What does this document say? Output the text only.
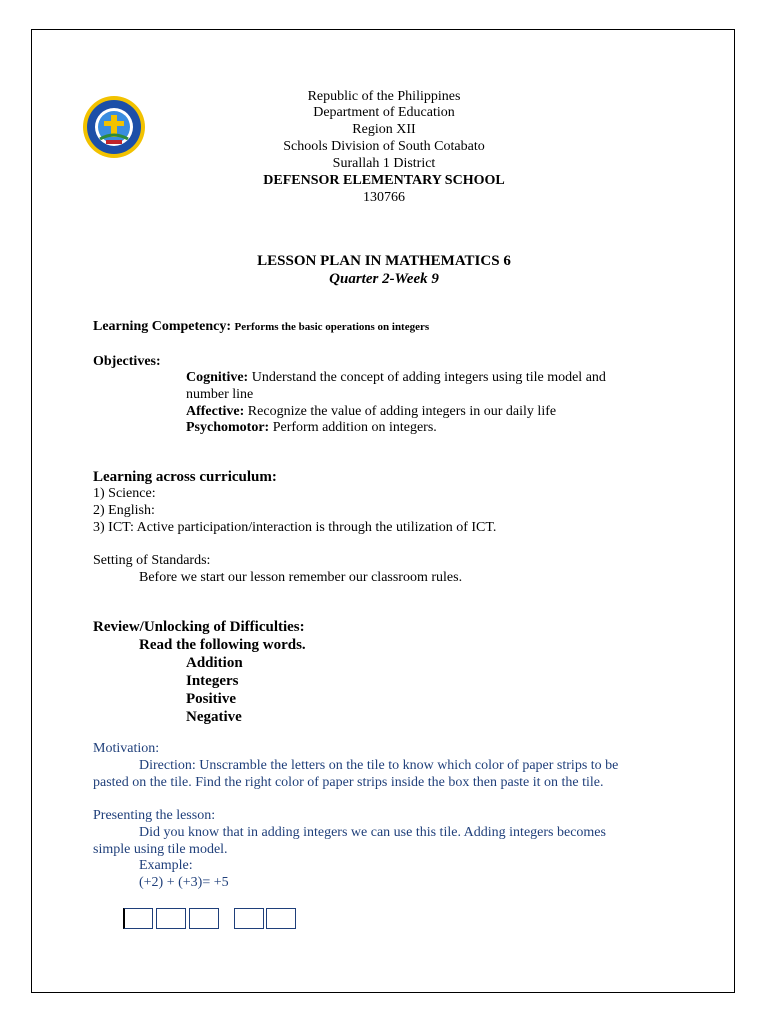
Republic of the Philippines
Department of Education
Region XII
Schools Division of South Cotabato
Surallah 1 District
DEFENSOR ELEMENTARY SCHOOL
130766
LESSON PLAN IN MATHEMATICS 6
Quarter 2-Week 9
Learning Competency: Performs the basic operations on integers
Objectives:
Cognitive: Understand the concept of adding integers using tile model and
number line
Affective: Recognize the value of adding integers in our daily life
Psychomotor: Perform addition on integers.
Learning across curriculum:
1) Science:
2) English:
3) ICT: Active participation/interaction is through the utilization of ICT.
Setting of Standards:
Before we start our lesson remember our classroom rules.
Review/Unlocking of Difficulties:
Read the following words.
Addition
Integers
Positive
Negative
Motivation:
Direction: Unscramble the letters on the tile to know which color of paper strips to be
pasted on the tile. Find the right color of paper strips inside the box then paste it on the tile.
Presenting the lesson:
Did you know that in adding integers we can use this tile. Adding integers becomes
simple using tile model.
Example:
(+2) + (+3)= +5
